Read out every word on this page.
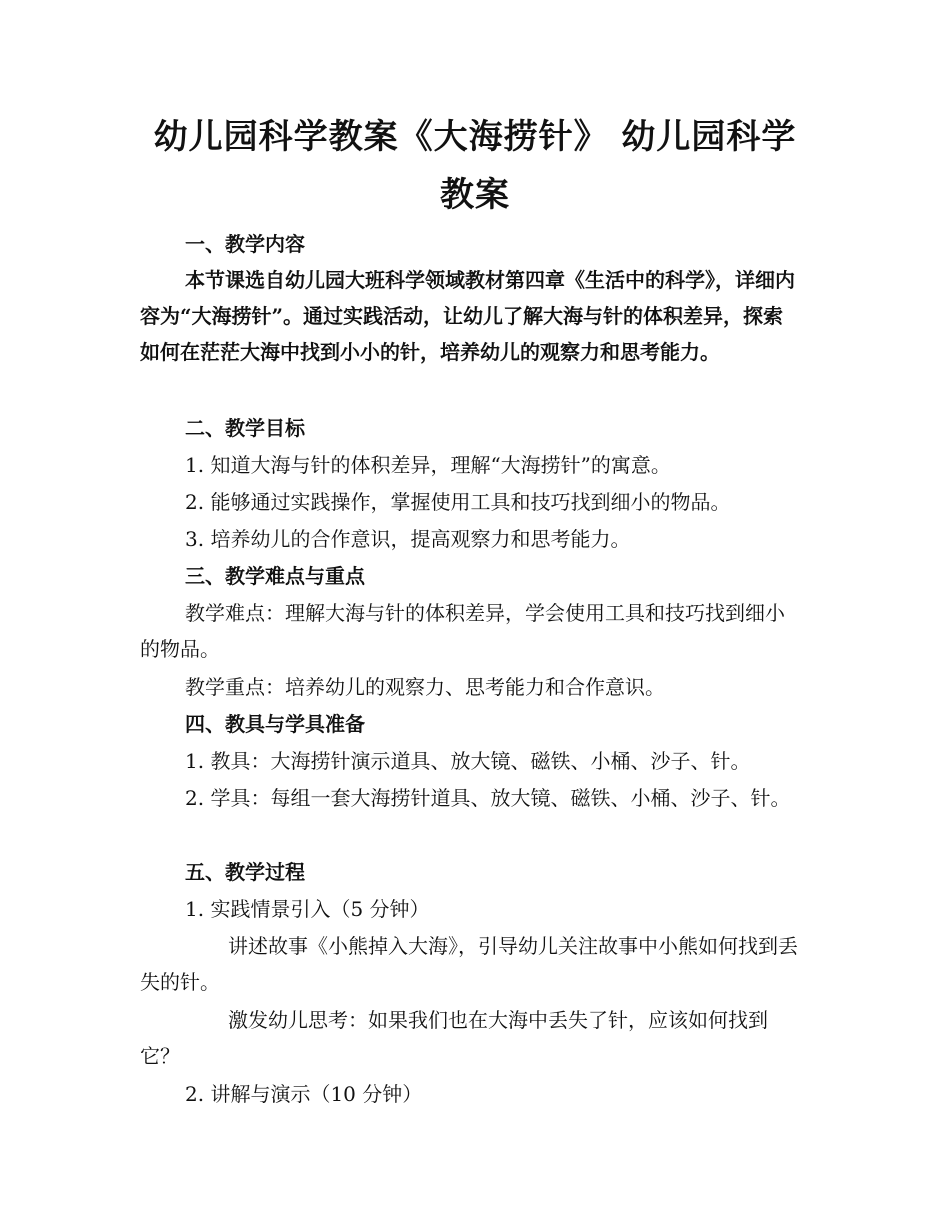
幼儿园科学教案《大海捞针》 幼儿园科学教案
一、教学内容
本节课选自幼儿园大班科学领域教材第四章《生活中的科学》，详细内容为“大海捞针”。通过实践活动，让幼儿了解大海与针的体积差异，探索如何在茫茫大海中找到小小的针，培养幼儿的观察力和思考能力。
二、教学目标
1. 知道大海与针的体积差异，理解“大海捞针”的寓意。
2. 能够通过实践操作，掌握使用工具和技巧找到细小的物品。
3. 培养幼儿的合作意识，提高观察力和思考能力。
三、教学难点与重点
教学难点：理解大海与针的体积差异，学会使用工具和技巧找到细小的物品。
教学重点：培养幼儿的观察力、思考能力和合作意识。
四、教具与学具准备
1. 教具：大海捞针演示道具、放大镜、磁铁、小桶、沙子、针。
2. 学具：每组一套大海捞针道具、放大镜、磁铁、小桶、沙子、针。
五、教学过程
1. 实践情景引入（5 分钟）
讲述故事《小熊掉入大海》，引导幼儿关注故事中小熊如何找到丢失的针。
激发幼儿思考：如果我们也在大海中丢失了针，应该如何找到它？
2. 讲解与演示（10 分钟）
